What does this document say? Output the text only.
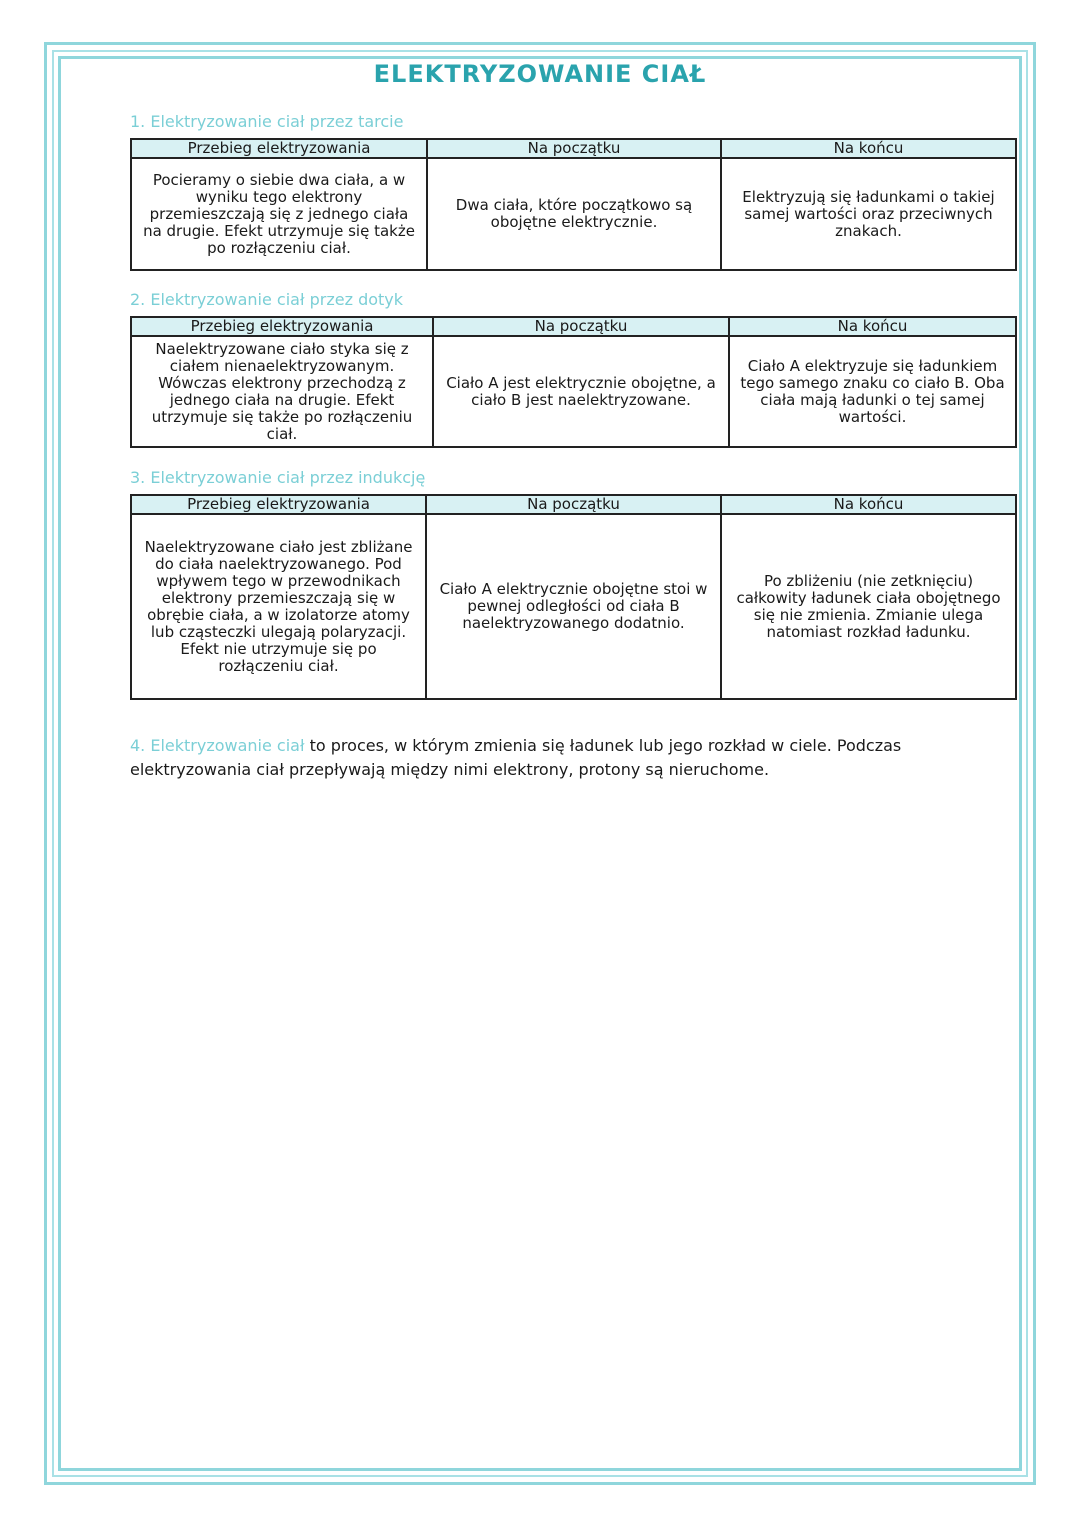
ELEKTRYZOWANIE CIAŁ
1. Elektryzowanie ciał przez tarcie
Przebieg elektryzowania	Na początku	Na końcu
Pocieramy o siebie dwa ciała, a w wyniku tego elektrony przemieszczają się z jednego ciała na drugie. Efekt utrzymuje się także po rozłączeniu ciał.	Dwa ciała, które początkowo są obojętne elektrycznie.	Elektryzują się ładunkami o takiej samej wartości oraz przeciwnych znakach.
2. Elektryzowanie ciał przez dotyk
Przebieg elektryzowania	Na początku	Na końcu
Naelektryzowane ciało styka się z ciałem nienaelektryzowanym. Wówczas elektrony przechodzą z jednego ciała na drugie. Efekt utrzymuje się także po rozłączeniu ciał.	Ciało A jest elektrycznie obojętne, a ciało B jest naelektryzowane.	Ciało A elektryzuje się ładunkiem tego samego znaku co ciało B. Oba ciała mają ładunki o tej samej wartości.
3. Elektryzowanie ciał przez indukcję
Przebieg elektryzowania	Na początku	Na końcu
Naelektryzowane ciało jest zbliżane do ciała naelektryzowanego. Pod wpływem tego w przewodnikach elektrony przemieszczają się w obrębie ciała, a w izolatorze atomy lub cząsteczki ulegają polaryzacji. Efekt nie utrzymuje się po rozłączeniu ciał.	Ciało A elektrycznie obojętne stoi w pewnej odległości od ciała B naelektryzowanego dodatnio.	Po zbliżeniu (nie zetknięciu) całkowity ładunek ciała obojętnego się nie zmienia. Zmianie ulega natomiast rozkład ładunku.
4. Elektryzowanie ciał to proces, w którym zmienia się ładunek lub jego rozkład w ciele. Podczas elektryzowania ciał przepływają między nimi elektrony, protony są nieruchome.
